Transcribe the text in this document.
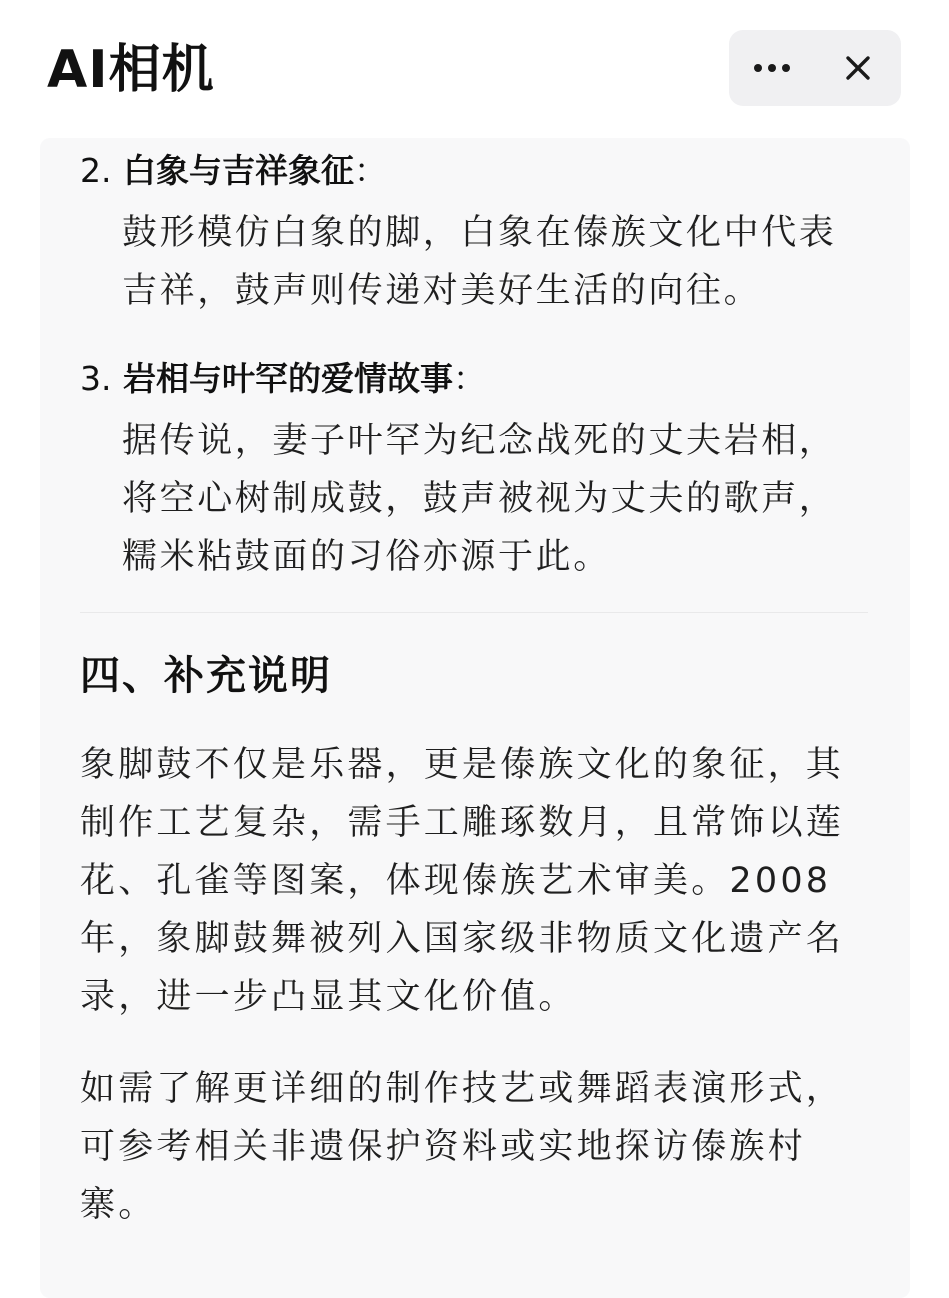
AI相机
2. 白象与吉祥象征：
鼓形模仿白象的脚，白象在傣族文化中代表吉祥，鼓声则传递对美好生活的向往。
3. 岩相与叶罕的爱情故事：
据传说，妻子叶罕为纪念战死的丈夫岩相，将空心树制成鼓，鼓声被视为丈夫的歌声，糯米粘鼓面的习俗亦源于此。
四、补充说明
象脚鼓不仅是乐器，更是傣族文化的象征，其制作工艺复杂，需手工雕琢数月，且常饰以莲花、孔雀等图案，体现傣族艺术审美。2008年，象脚鼓舞被列入国家级非物质文化遗产名录，进一步凸显其文化价值。
如需了解更详细的制作技艺或舞蹈表演形式，可参考相关非遗保护资料或实地探访傣族村寨。
